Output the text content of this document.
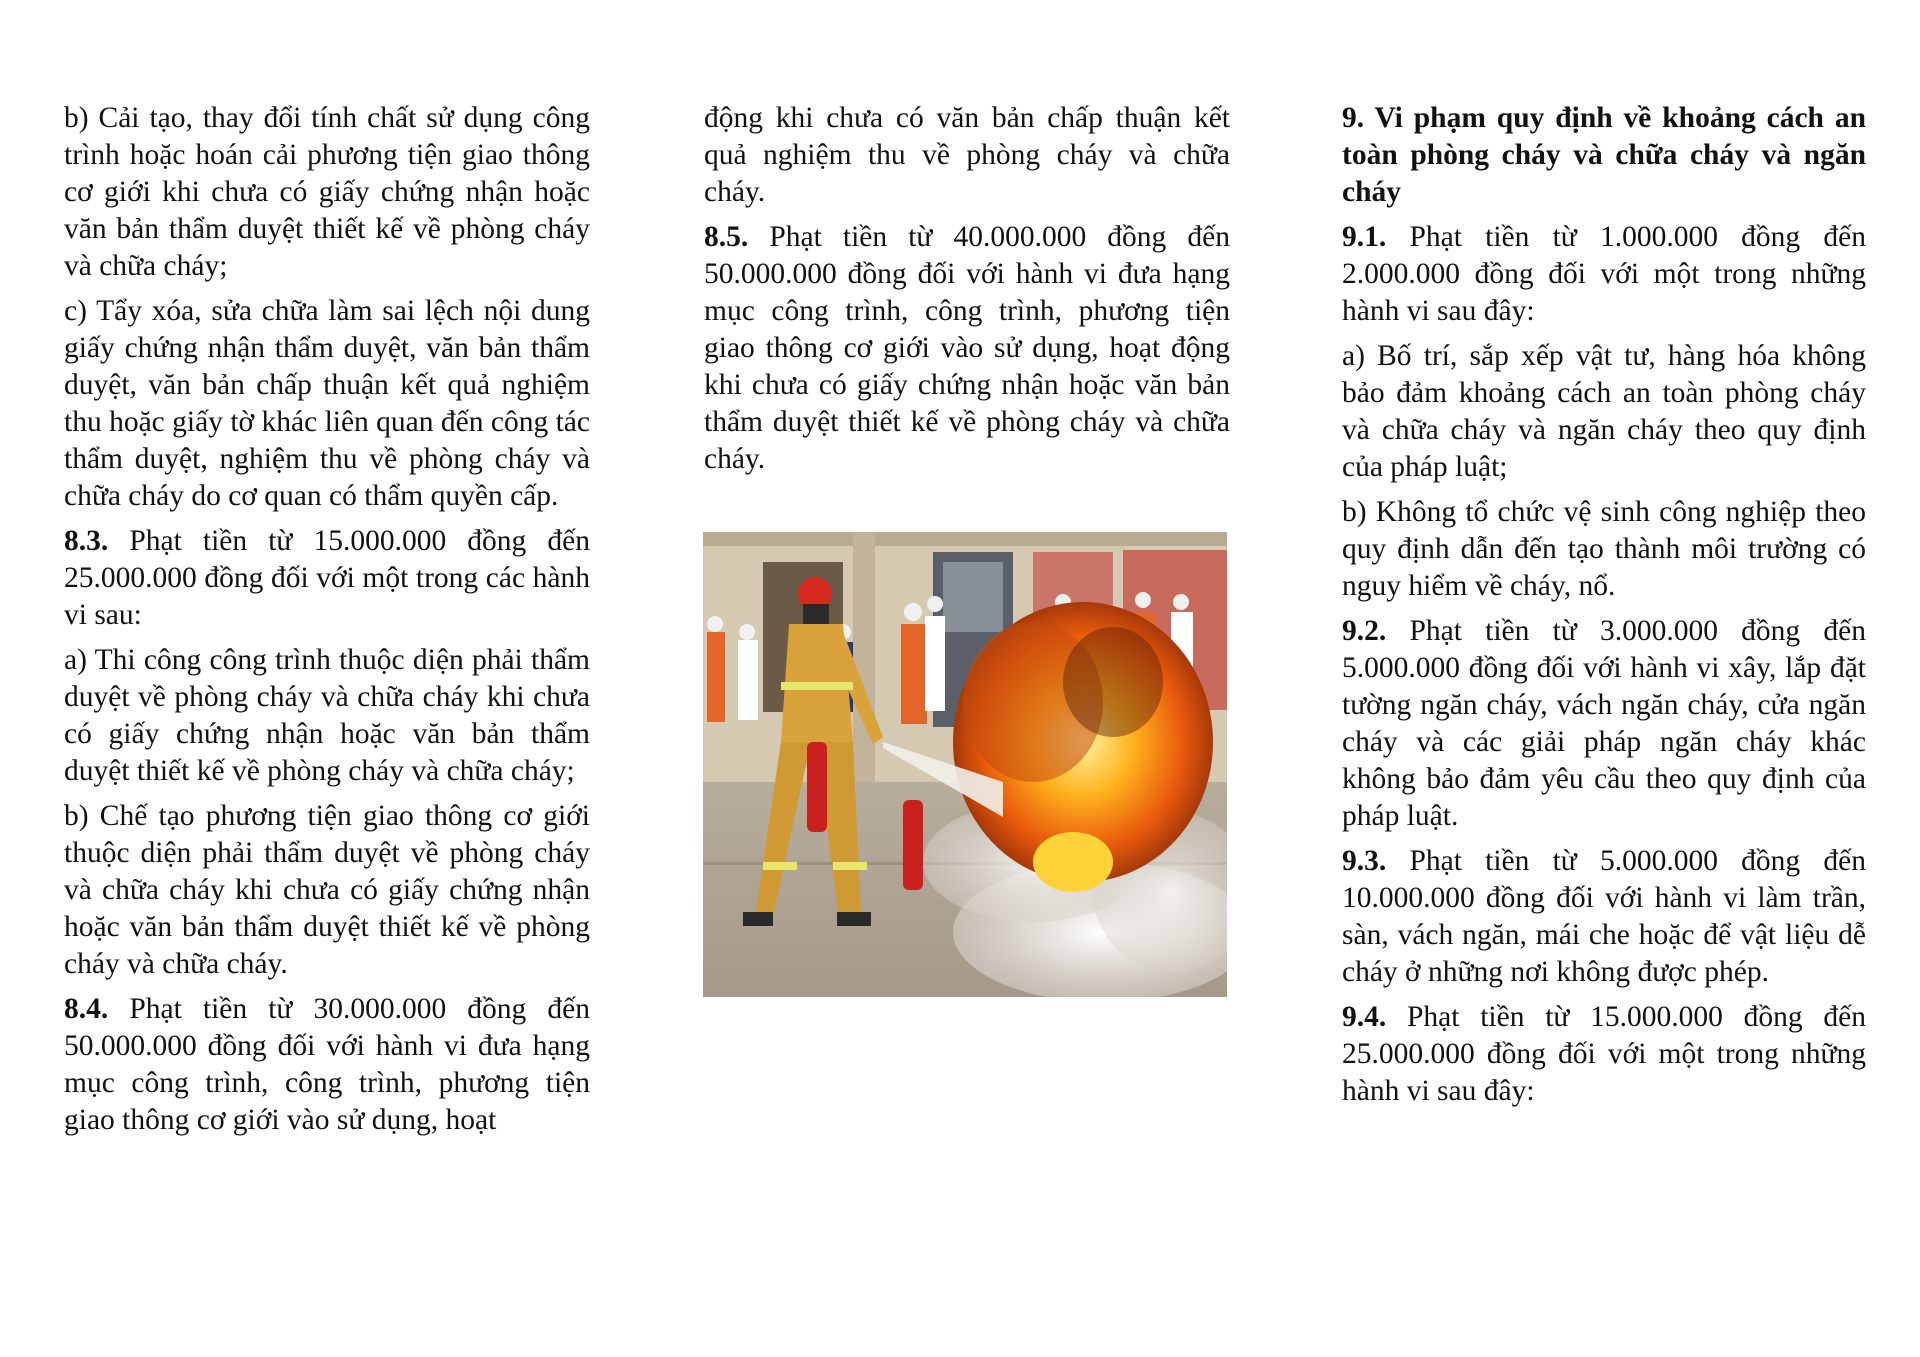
b) Cải tạo, thay đổi tính chất sử dụng công trình hoặc hoán cải phương tiện giao thông cơ giới khi chưa có giấy chứng nhận hoặc văn bản thẩm duyệt thiết kế về phòng cháy và chữa cháy;

c) Tẩy xóa, sửa chữa làm sai lệch nội dung giấy chứng nhận thẩm duyệt, văn bản thẩm duyệt, văn bản chấp thuận kết quả nghiệm thu hoặc giấy tờ khác liên quan đến công tác thẩm duyệt, nghiệm thu về phòng cháy và chữa cháy do cơ quan có thẩm quyền cấp.

8.3. Phạt tiền từ 15.000.000 đồng đến 25.000.000 đồng đối với một trong các hành vi sau:

a) Thi công công trình thuộc diện phải thẩm duyệt về phòng cháy và chữa cháy khi chưa có giấy chứng nhận hoặc văn bản thẩm duyệt thiết kế về phòng cháy và chữa cháy;

b) Chế tạo phương tiện giao thông cơ giới thuộc diện phải thẩm duyệt về phòng cháy và chữa cháy khi chưa có giấy chứng nhận hoặc văn bản thẩm duyệt thiết kế về phòng cháy và chữa cháy.

8.4. Phạt tiền từ 30.000.000 đồng đến 50.000.000 đồng đối với hành vi đưa hạng mục công trình, công trình, phương tiện giao thông cơ giới vào sử dụng, hoạt

động khi chưa có văn bản chấp thuận kết quả nghiệm thu về phòng cháy và chữa cháy.

8.5. Phạt tiền từ 40.000.000 đồng đến 50.000.000 đồng đối với hành vi đưa hạng mục công trình, công trình, phương tiện giao thông cơ giới vào sử dụng, hoạt động khi chưa có giấy chứng nhận hoặc văn bản thẩm duyệt thiết kế về phòng cháy và chữa cháy.

9. Vi phạm quy định về khoảng cách an toàn phòng cháy và chữa cháy và ngăn cháy

9.1. Phạt tiền từ 1.000.000 đồng đến 2.000.000 đồng đối với một trong những hành vi sau đây:

a) Bố trí, sắp xếp vật tư, hàng hóa không bảo đảm khoảng cách an toàn phòng cháy và chữa cháy và ngăn cháy theo quy định của pháp luật;

b) Không tổ chức vệ sinh công nghiệp theo quy định dẫn đến tạo thành môi trường có nguy hiểm về cháy, nổ.

9.2. Phạt tiền từ 3.000.000 đồng đến 5.000.000 đồng đối với hành vi xây, lắp đặt tường ngăn cháy, vách ngăn cháy, cửa ngăn cháy và các giải pháp ngăn cháy khác không bảo đảm yêu cầu theo quy định của pháp luật.

9.3. Phạt tiền từ 5.000.000 đồng đến 10.000.000 đồng đối với hành vi làm trần, sàn, vách ngăn, mái che hoặc để vật liệu dễ cháy ở những nơi không được phép.

9.4. Phạt tiền từ 15.000.000 đồng đến 25.000.000 đồng đối với một trong những hành vi sau đây:
